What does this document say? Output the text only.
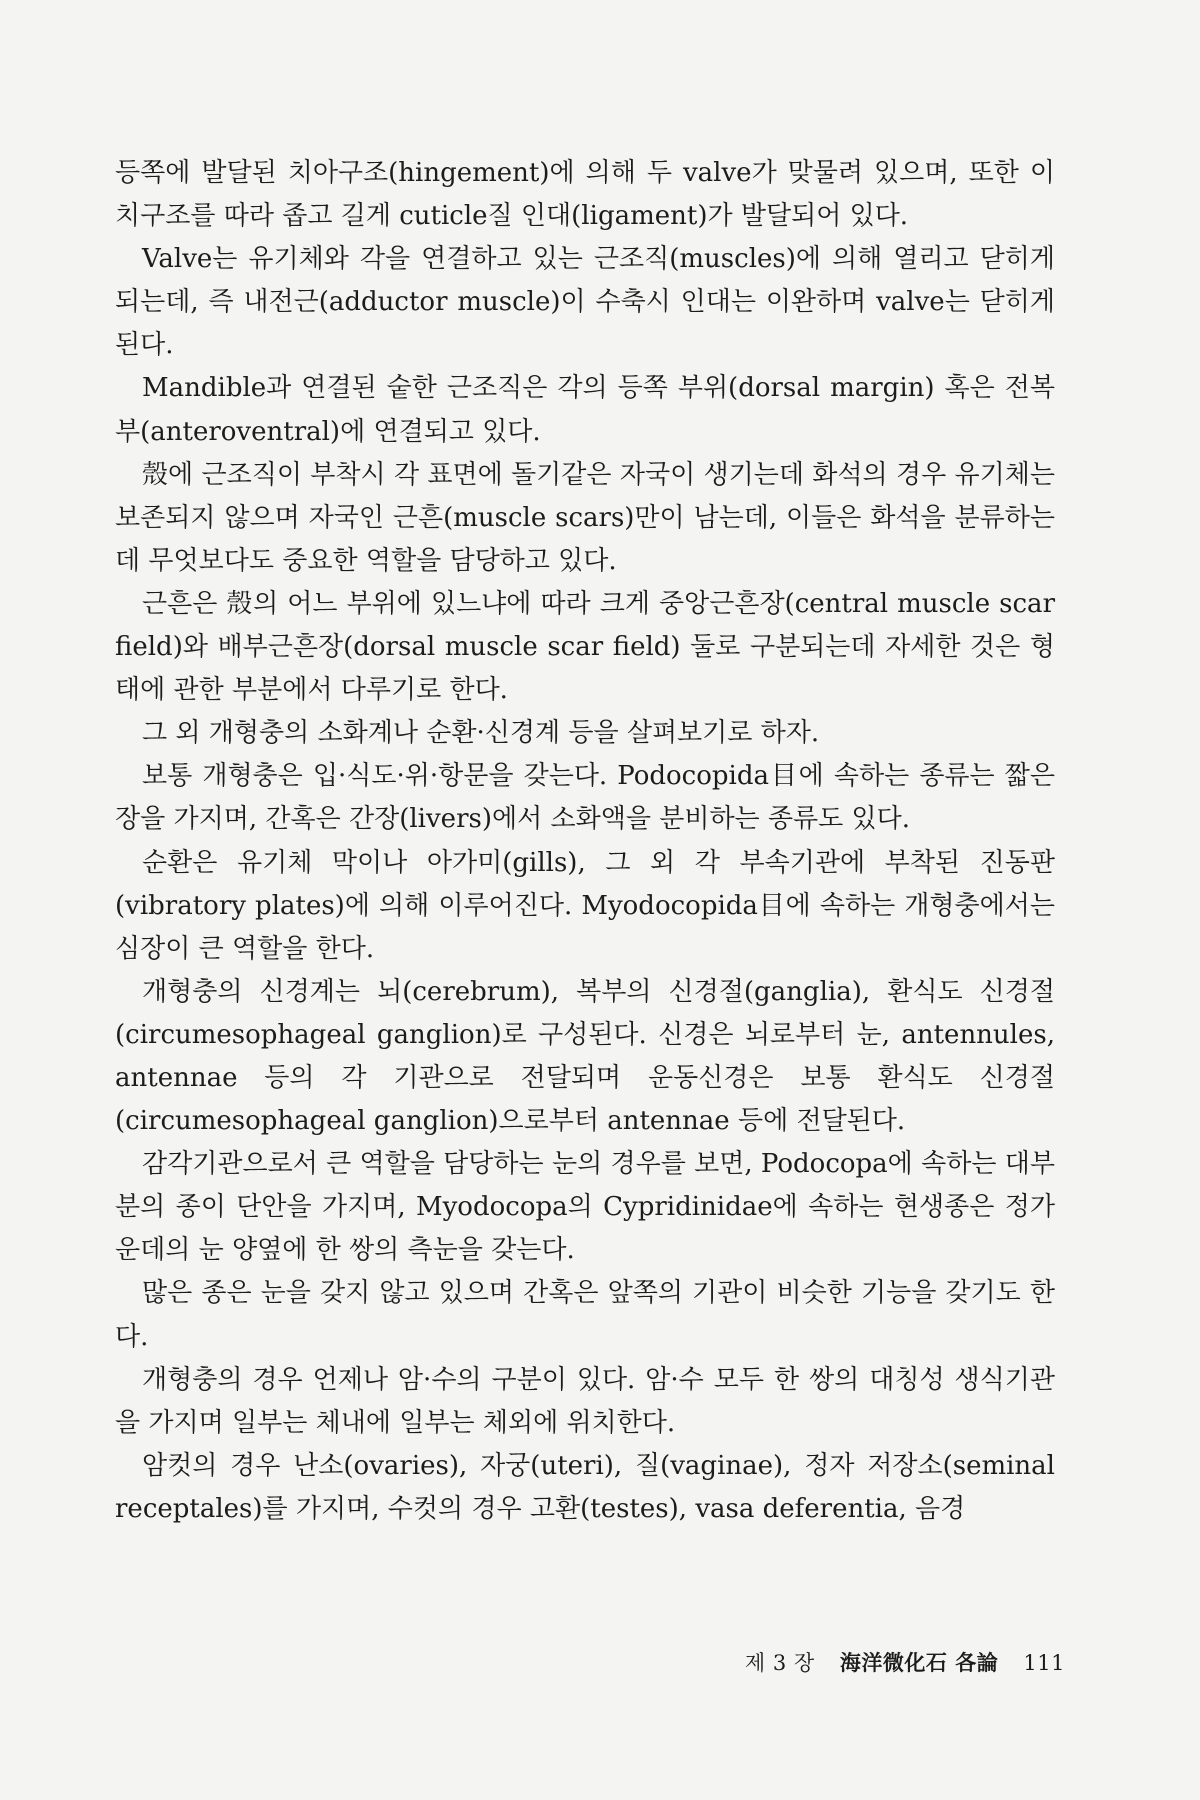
등쪽에 발달된 치아구조(hingement)에 의해 두 valve가 맞물려 있으며, 또한 이 치구조를 따라 좁고 길게 cuticle질 인대(ligament)가 발달되어 있다.

Valve는 유기체와 각을 연결하고 있는 근조직(muscles)에 의해 열리고 닫히게 되는데, 즉 내전근(adductor muscle)이 수축시 인대는 이완하며 valve는 닫히게 된다.

Mandible과 연결된 숱한 근조직은 각의 등쪽 부위(dorsal margin) 혹은 전복부(anteroventral)에 연결되고 있다.

殼에 근조직이 부착시 각 표면에 돌기같은 자국이 생기는데 화석의 경우 유기체는 보존되지 않으며 자국인 근흔(muscle scars)만이 남는데, 이들은 화석을 분류하는데 무엇보다도 중요한 역할을 담당하고 있다.

근흔은 殼의 어느 부위에 있느냐에 따라 크게 중앙근흔장(central muscle scar field)와 배부근흔장(dorsal muscle scar field) 둘로 구분되는데 자세한 것은 형태에 관한 부분에서 다루기로 한다.

그 외 개형충의 소화계나 순환·신경계 등을 살펴보기로 하자.

보통 개형충은 입·식도·위·항문을 갖는다. Podocopida目에 속하는 종류는 짧은 장을 가지며, 간혹은 간장(livers)에서 소화액을 분비하는 종류도 있다.

순환은 유기체 막이나 아가미(gills), 그 외 각 부속기관에 부착된 진동판(vibratory plates)에 의해 이루어진다. Myodocopida目에 속하는 개형충에서는 심장이 큰 역할을 한다.

개형충의 신경계는 뇌(cerebrum), 복부의 신경절(ganglia), 환식도 신경절(circumesophageal ganglion)로 구성된다. 신경은 뇌로부터 눈, antennules, antennae 등의 각 기관으로 전달되며 운동신경은 보통 환식도 신경절(circumesophageal ganglion)으로부터 antennae 등에 전달된다.

감각기관으로서 큰 역할을 담당하는 눈의 경우를 보면, Podocopa에 속하는 대부분의 종이 단안을 가지며, Myodocopa의 Cypridinidae에 속하는 현생종은 정가운데의 눈 양옆에 한 쌍의 측눈을 갖는다.

많은 종은 눈을 갖지 않고 있으며 간혹은 앞쪽의 기관이 비슷한 기능을 갖기도 한다.

개형충의 경우 언제나 암·수의 구분이 있다. 암·수 모두 한 쌍의 대칭성 생식기관을 가지며 일부는 체내에 일부는 체외에 위치한다.

암컷의 경우 난소(ovaries), 자궁(uteri), 질(vaginae), 정자 저장소(seminal receptales)를 가지며, 수컷의 경우 고환(testes), vasa deferentia, 음경

제 3 장 海洋微化石 各論 111
